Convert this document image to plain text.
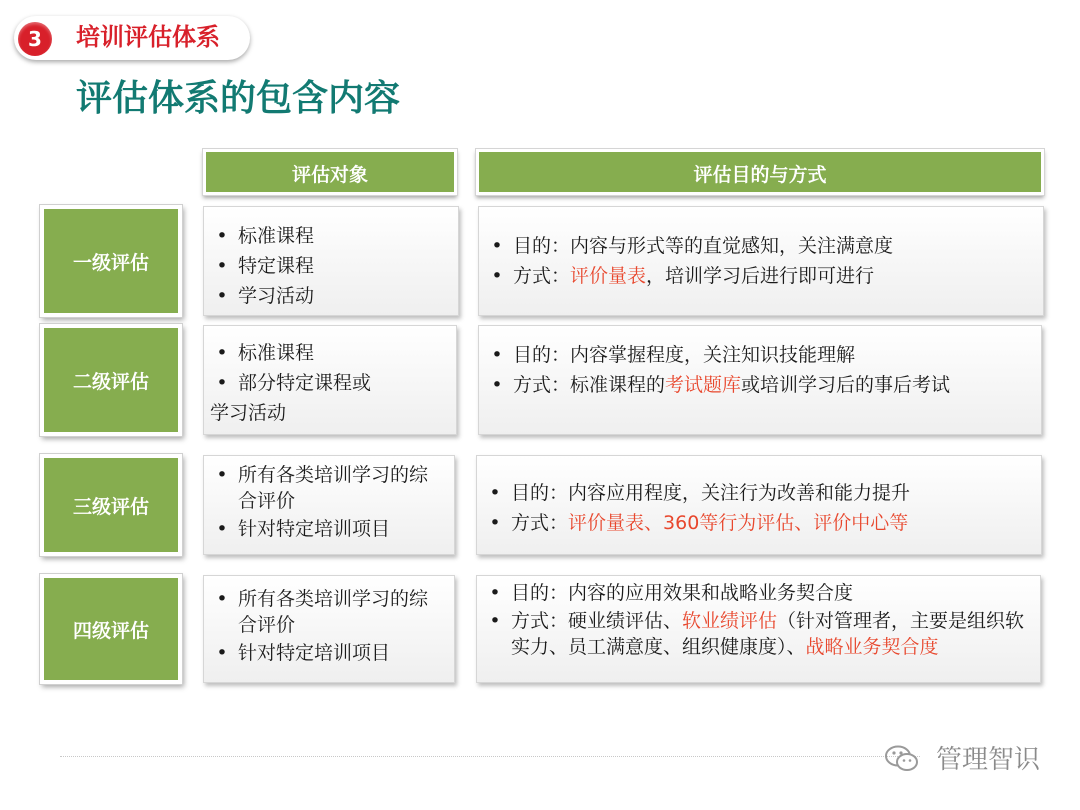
3	培训评估体系
评估体系的包含内容
评估对象	评估目的与方式
一级评估
• 标准课程
• 特定课程
• 学习活动
• 目的：内容与形式等的直觉感知，关注满意度
• 方式：评价量表，培训学习后进行即可进行
二级评估
• 标准课程
• 部分特定课程或
学习活动
• 目的：内容掌握程度，关注知识技能理解
• 方式：标准课程的考试题库或培训学习后的事后考试
三级评估
• 所有各类培训学习的综合评价
• 针对特定培训项目
• 目的：内容应用程度，关注行为改善和能力提升
• 方式：评价量表、360等行为评估、评价中心等
四级评估
• 所有各类培训学习的综合评价
• 针对特定培训项目
• 目的：内容的应用效果和战略业务契合度
• 方式：硬业绩评估、软业绩评估（针对管理者，主要是组织软实力、员工满意度、组织健康度）、战略业务契合度
管理智识
